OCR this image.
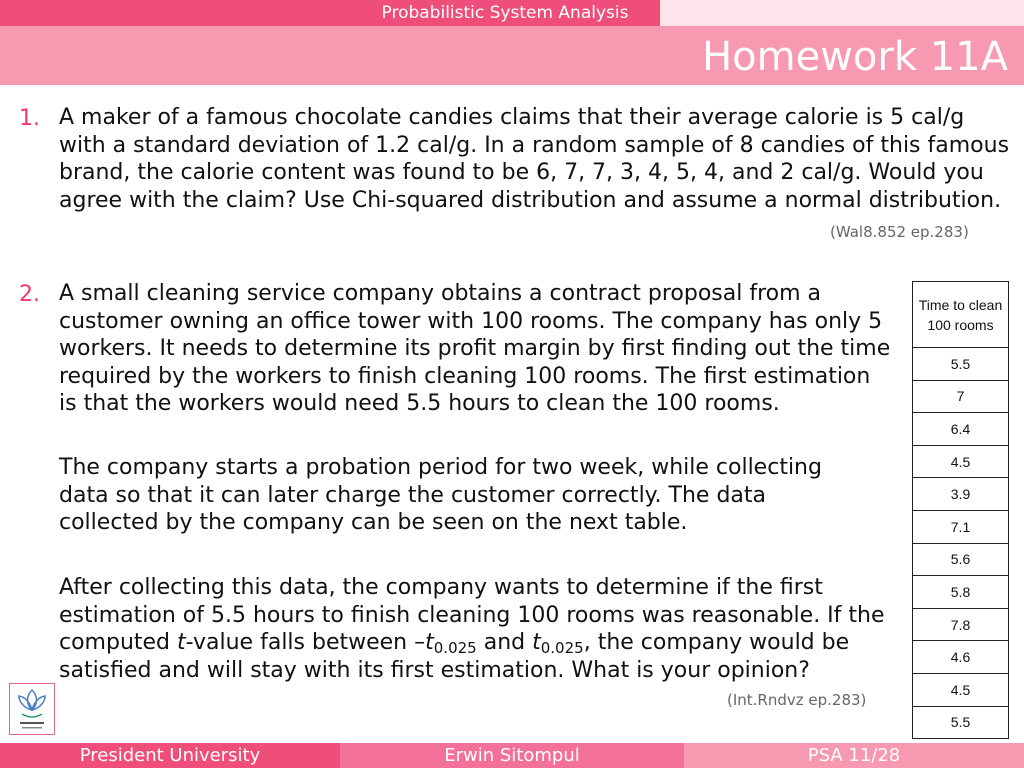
Probabilistic System Analysis
Homework 11A
1. A maker of a famous chocolate candies claims that their average calorie is 5 cal/g with a standard deviation of 1.2 cal/g. In a random sample of 8 candies of this famous brand, the calorie content was found to be 6, 7, 7, 3, 4, 5, 4, and 2 cal/g. Would you agree with the claim? Use Chi-squared distribution and assume a normal distribution.
(Wal8.852 ep.283)
2. A small cleaning service company obtains a contract proposal from a customer owning an office tower with 100 rooms. The company has only 5 workers. It needs to determine its profit margin by first finding out the time required by the workers to finish cleaning 100 rooms. The first estimation is that the workers would need 5.5 hours to clean the 100 rooms.
The company starts a probation period for two week, while collecting data so that it can later charge the customer correctly. The data collected by the company can be seen on the next table.
After collecting this data, the company wants to determine if the first estimation of 5.5 hours to finish cleaning 100 rooms was reasonable. If the computed t-value falls between $-t_{0.025}$ and $t_{0.025}$, the company would be satisfied and will stay with its first estimation. What is your opinion?
(Int.Rndvz ep.283)
Time to clean 100 rooms
5.5
7
6.4
4.5
3.9
7.1
5.6
5.8
7.8
4.6
4.5
5.5
President University	Erwin Sitompul	PSA 11/28
